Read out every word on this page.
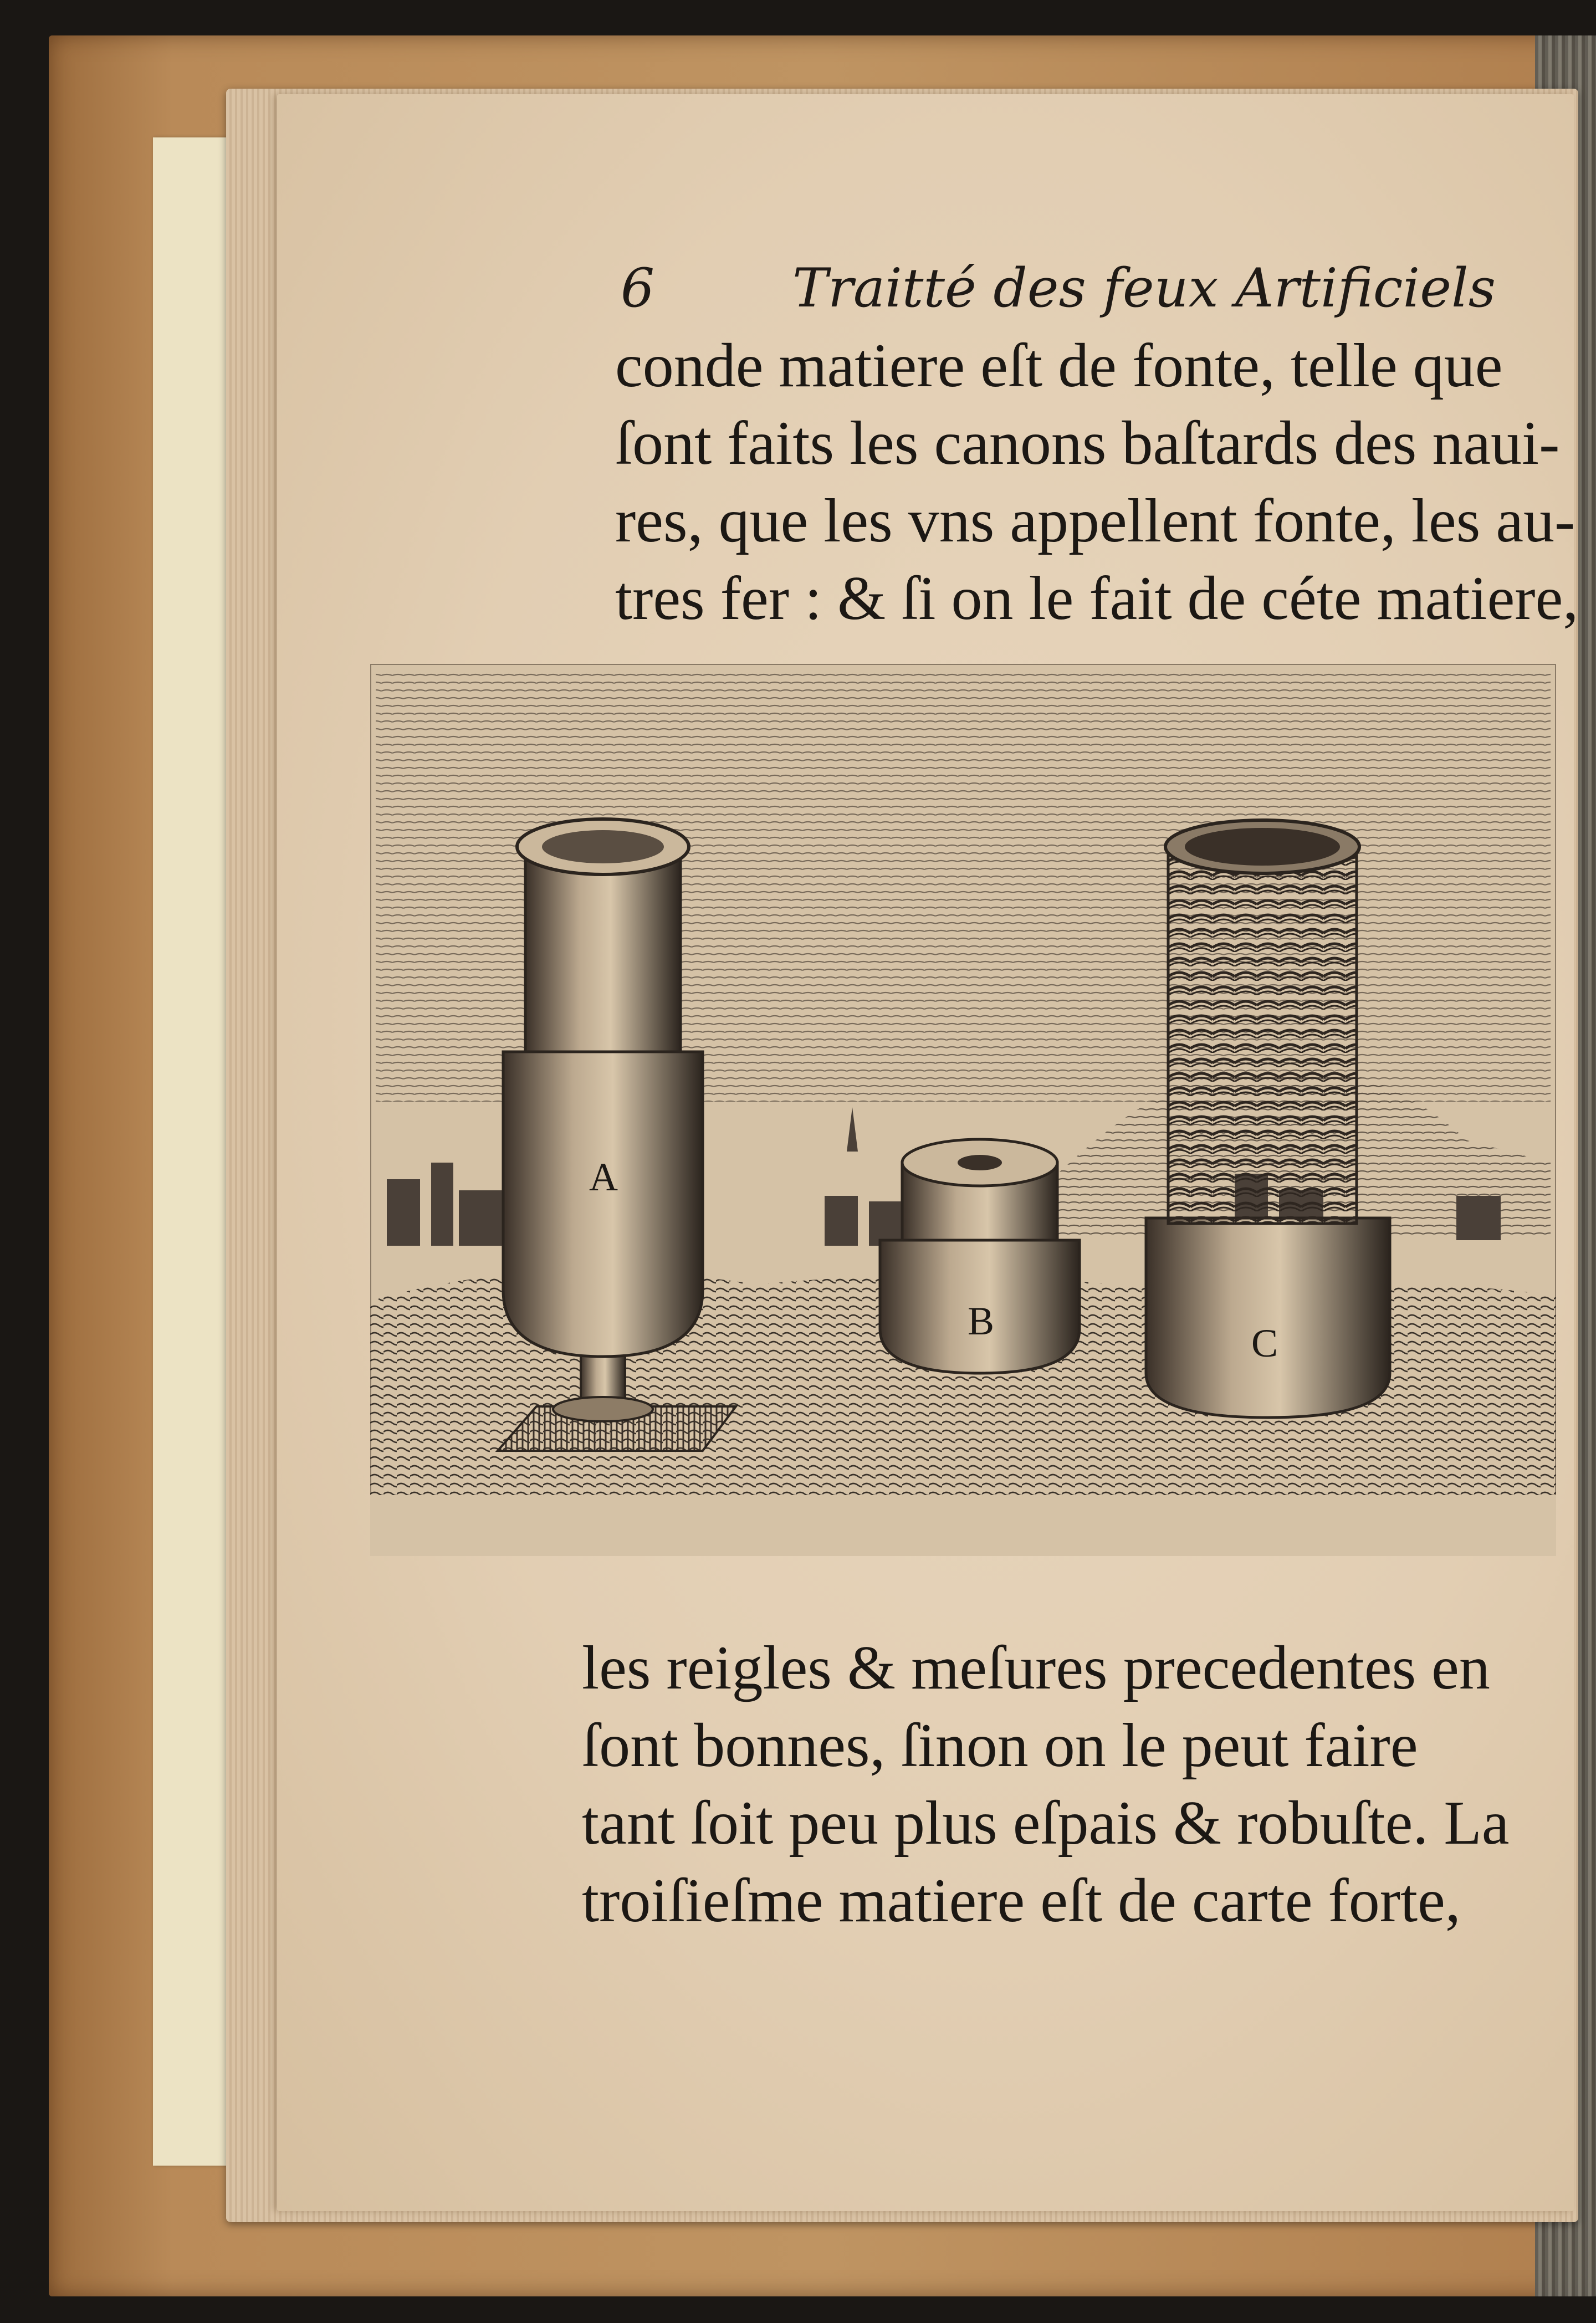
6	Traitté des feux Artificiels
conde matiere eſt de fonte, telle que
ſont faits les canons baſtards des naui-
res, que les vns appellent fonte, les au-
tres fer : & ſi on le fait de céte matiere,
A
B	C
les reigles & meſures precedentes en
ſont bonnes, ſinon on le peut faire
tant ſoit peu plus eſpais & robuſte. La
troiſieſme matiere eſt de carte forte,
